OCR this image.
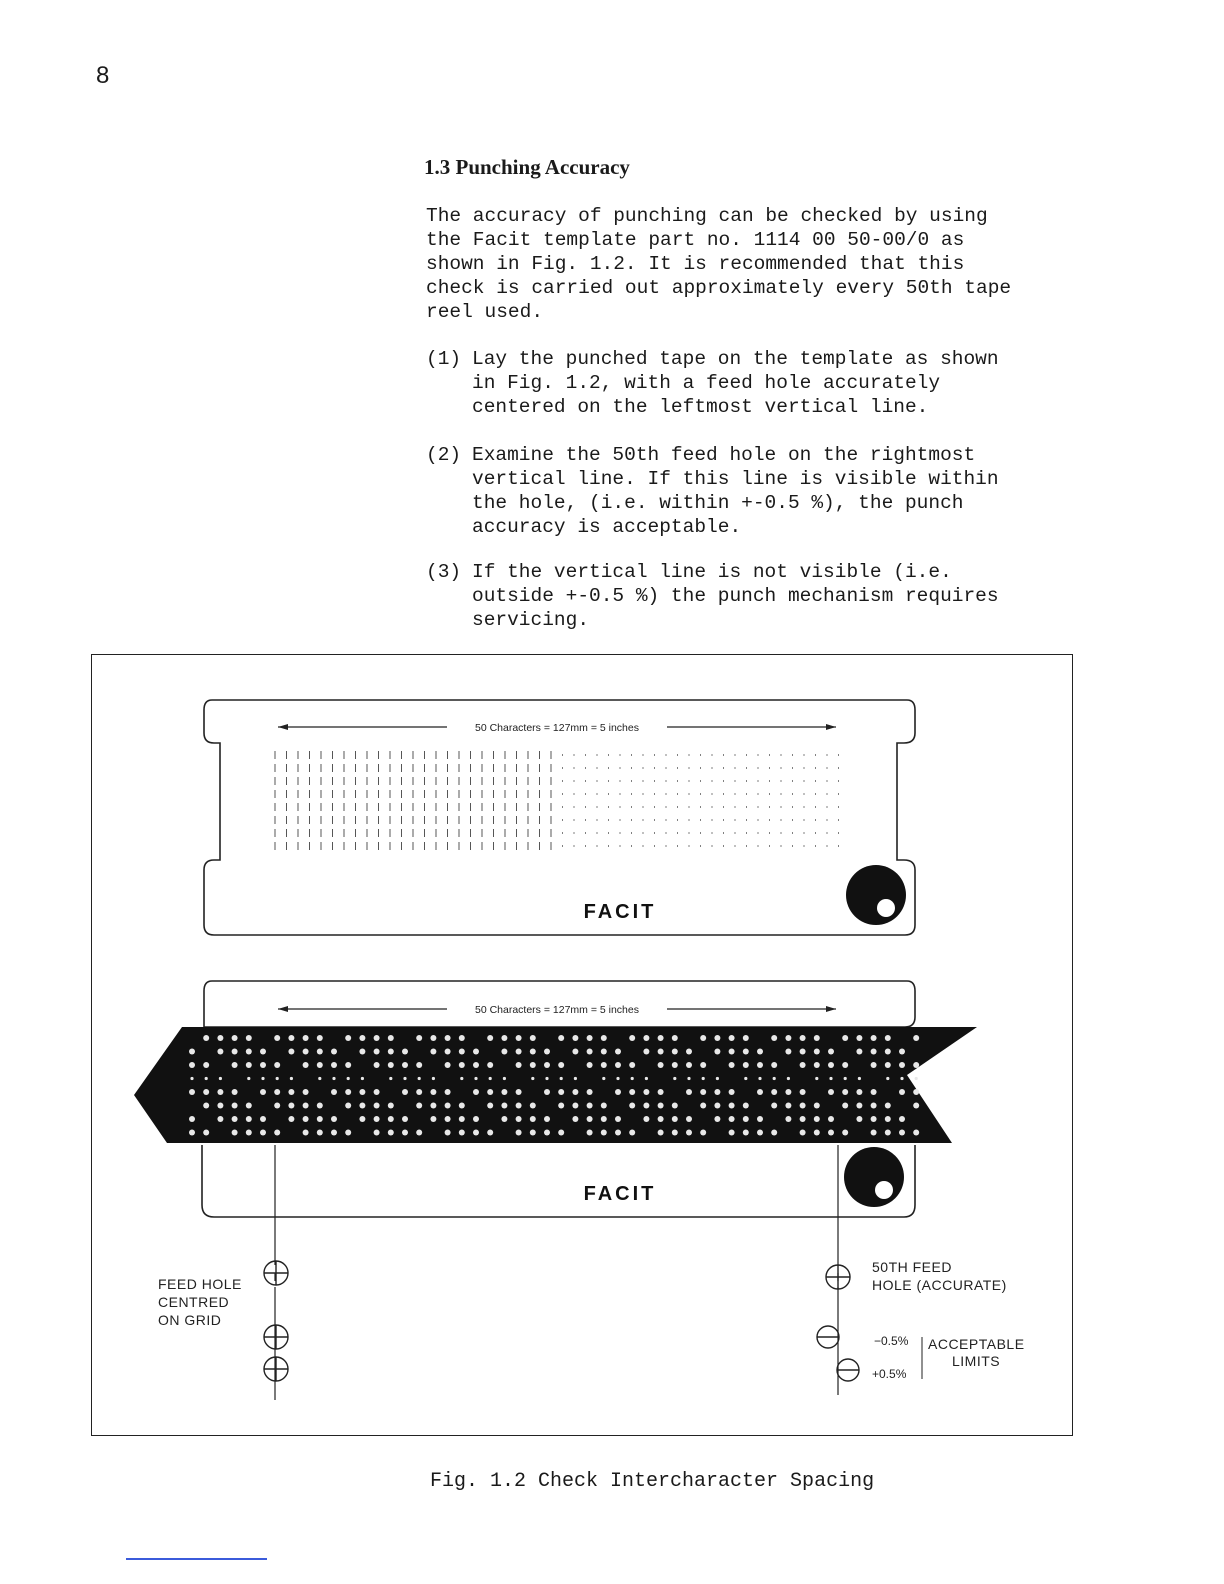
8
1.3 Punching Accuracy

The accuracy of punching can be checked by using
the Facit template part no. 1114 00 50-00/0 as
shown in Fig. 1.2. It is recommended that this
check is carried out approximately every 50th tape
reel used.

(1) Lay the punched tape on the template as shown
in Fig. 1.2, with a feed hole accurately
centered on the leftmost vertical line.
(2) Examine the 50th feed hole on the rightmost
vertical line. If this line is visible within
the hole, (i.e. within +-0.5 %), the punch
accuracy is acceptable.
(3) If the vertical line is not visible (i.e.
outside +-0.5 %) the punch mechanism requires
servicing.
50 Characters = 127mm = 5 inches
FACIT
50 Characters = 127mm = 5 inches
FACIT
FEED HOLE
CENTRED
ON GRID
50TH FEED
HOLE (ACCURATE)
ACCEPTABLE
LIMITS
−0.5%
+0.5%
Fig. 1.2 Check Intercharacter Spacing
